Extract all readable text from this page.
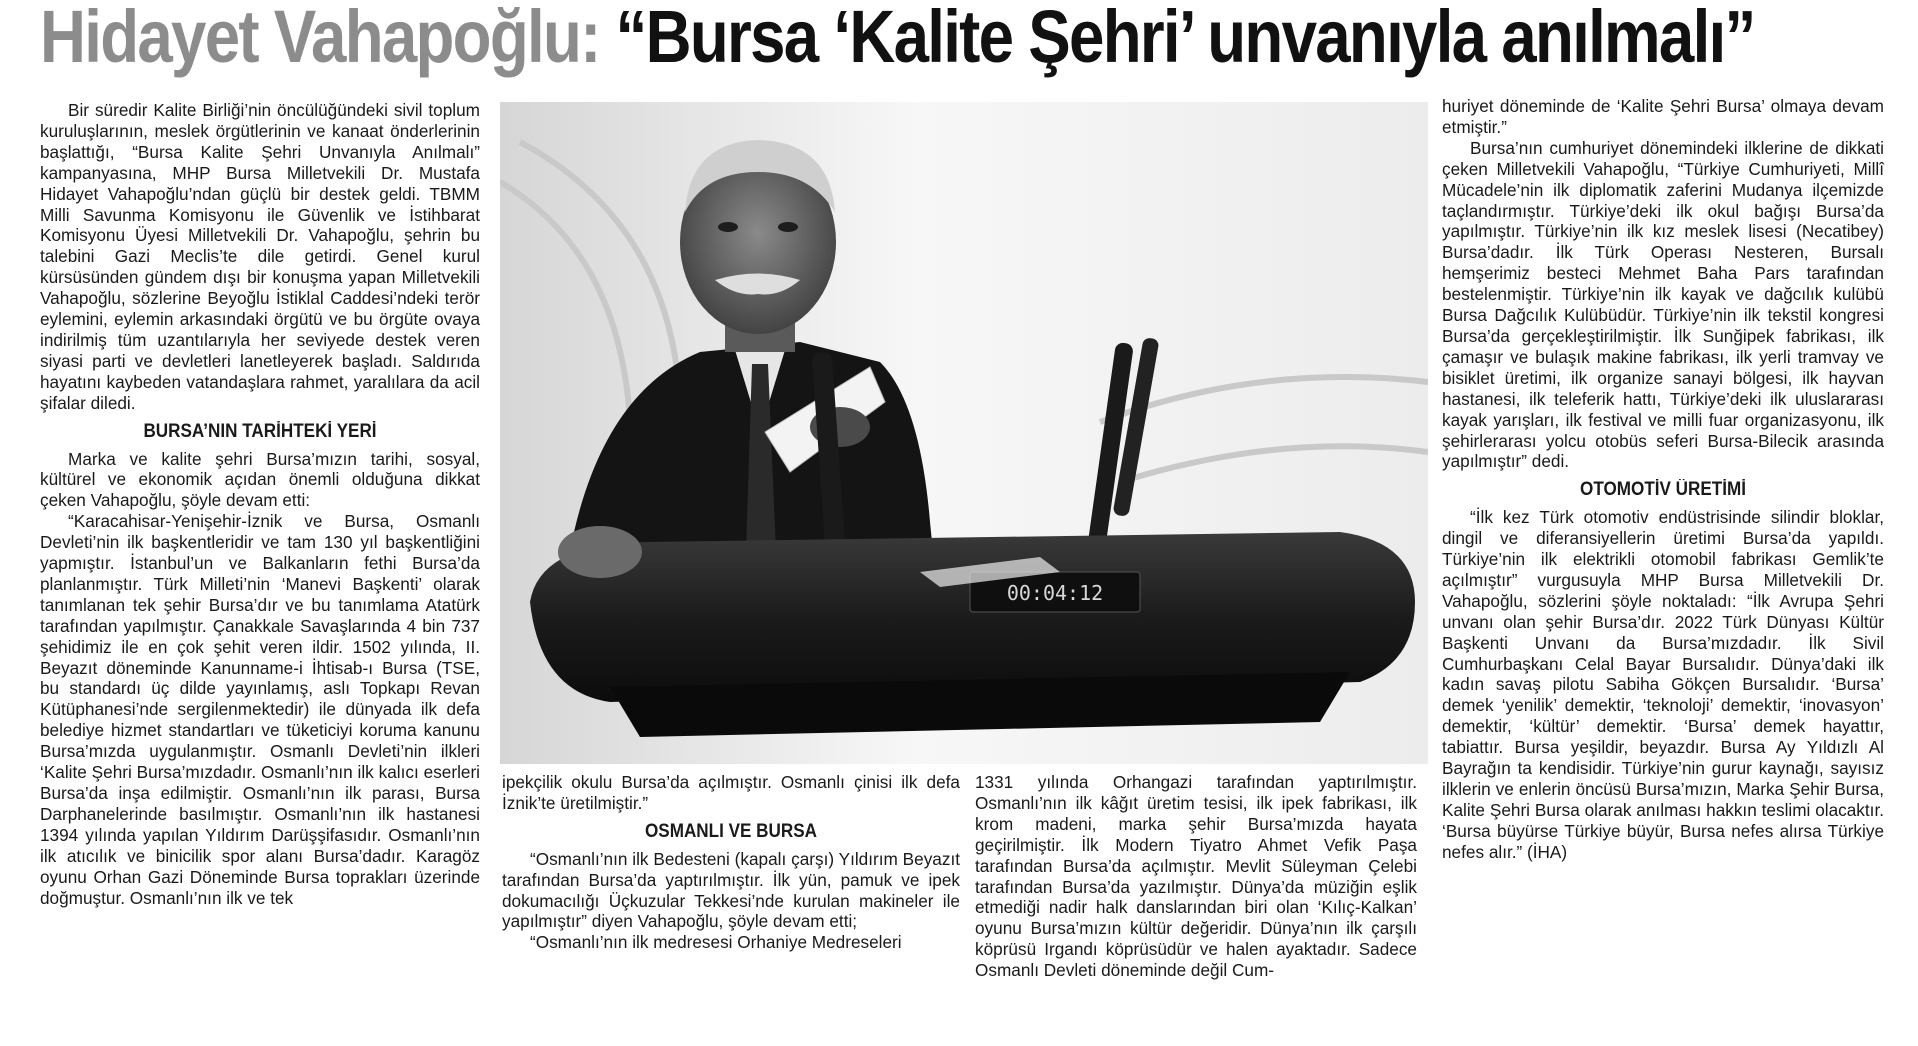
Hidayet Vahapoğlu: “Bursa ‘Kalite Şehri’ unvanıyla anılmalı”

Bir süredir Kalite Birliği’nin öncülüğündeki sivil toplum kuruluşlarının, meslek örgütlerinin ve kanaat önderlerinin başlattığı, “Bursa Kalite Şehri Unvanıyla Anılmalı” kampanyasına, MHP Bursa Milletvekili Dr. Mustafa Hidayet Vahapoğlu’ndan güçlü bir destek geldi. TBMM Milli Savunma Komisyonu ile Güvenlik ve İstihbarat Komisyonu Üyesi Milletvekili Dr. Vahapoğlu, şehrin bu talebini Gazi Meclis’te dile getirdi. Genel kurul kürsüsünden gündem dışı bir konuşma yapan Milletvekili Vahapoğlu, sözlerine Beyoğlu İstiklal Caddesi’ndeki terör eylemini, eylemin arkasındaki örgütü ve bu örgüte ovaya indirilmiş tüm uzantılarıyla her seviyede destek veren siyasi parti ve devletleri lanetleyerek başladı. Saldırıda hayatını kaybeden vatandaşlara rahmet, yaralılara da acil şifalar diledi.

BURSA’NIN TARİHTEKİ YERİ

Marka ve kalite şehri Bursa’mızın tarihi, sosyal, kültürel ve ekonomik açıdan önemli olduğuna dikkat çeken Vahapoğlu, şöyle devam etti:

“Karacahisar-Yenişehir-İznik ve Bursa, Osmanlı Devleti’nin ilk başkentleridir ve tam 130 yıl başkentliğini yapmıştır. İstanbul’un ve Balkanların fethi Bursa’da planlanmıştır. Türk Milleti’nin ‘Manevi Başkenti’ olarak tanımlanan tek şehir Bursa’dır ve bu tanımlama Atatürk tarafından yapılmıştır. Çanakkale Savaşlarında 4 bin 737 şehidimiz ile en çok şehit veren ildir. 1502 yılında, II. Beyazıt döneminde Kanunname-i İhtisab-ı Bursa (TSE, bu standardı üç dilde yayınlamış, aslı Topkapı Revan Kütüphanesi’nde sergilenmektedir) ile dünyada ilk defa belediye hizmet standartları ve tüketiciyi koruma kanunu Bursa’mızda uygulanmıştır. Osmanlı Devleti’nin ilkleri ‘Kalite Şehri Bursa’mızdadır. Osmanlı’nın ilk kalıcı eserleri Bursa’da inşa edilmiştir. Osmanlı’nın ilk parası, Bursa Darphanelerinde basılmıştır. Osmanlı’nın ilk hastanesi 1394 yılında yapılan Yıldırım Darüşşifasıdır. Osmanlı’nın ilk atıcılık ve binicilik spor alanı Bursa’dadır. Karagöz oyunu Orhan Gazi Döneminde Bursa toprakları üzerinde doğmuştur. Osmanlı’nın ilk ve tek

00:04:12

ipekçilik okulu Bursa’da açılmıştır. Osmanlı çinisi ilk defa İznik’te üretilmiştir.”

OSMANLI VE BURSA

“Osmanlı’nın ilk Bedesteni (kapalı çarşı) Yıldırım Beyazıt tarafından Bursa’da yaptırılmıştır. İlk yün, pamuk ve ipek dokumacılığı Üçkuzular Tekkesi’nde kurulan makineler ile yapılmıştır” diyen Vahapoğlu, şöyle devam etti;

“Osmanlı’nın ilk medresesi Orhaniye Medreseleri

1331 yılında Orhangazi tarafından yaptırılmıştır. Osmanlı’nın ilk kâğıt üretim tesisi, ilk ipek fabrikası, ilk krom madeni, marka şehir Bursa’mızda hayata geçirilmiştir. İlk Modern Tiyatro Ahmet Vefik Paşa tarafından Bursa’da açılmıştır. Mevlit Süleyman Çelebi tarafından Bursa’da yazılmıştır. Dünya’da müziğin eşlik etmediği nadir halk danslarından biri olan ‘Kılıç-Kalkan’ oyunu Bursa’mızın kültür değeridir. Dünya’nın ilk çarşılı köprüsü Irgandı köprüsüdür ve halen ayaktadır. Sadece Osmanlı Devleti döneminde değil Cum-

huriyet döneminde de ‘Kalite Şehri Bursa’ olmaya devam etmiştir.”

Bursa’nın cumhuriyet dönemindeki ilklerine de dikkati çeken Milletvekili Vahapoğlu, “Türkiye Cumhuriyeti, Millî Mücadele’nin ilk diplomatik zaferini Mudanya ilçemizde taçlandırmıştır. Türkiye’deki ilk okul bağışı Bursa’da yapılmıştır. Türkiye’nin ilk kız meslek lisesi (Necatibey) Bursa’dadır. İlk Türk Operası Nesteren, Bursalı hemşerimiz besteci Mehmet Baha Pars tarafından bestelenmiştir. Türkiye’nin ilk kayak ve dağcılık kulübü Bursa Dağcılık Kulübüdür. Türkiye’nin ilk tekstil kongresi Bursa’da gerçekleştirilmiştir. İlk Sunğipek fabrikası, ilk çamaşır ve bulaşık makine fabrikası, ilk yerli tramvay ve bisiklet üretimi, ilk organize sanayi bölgesi, ilk hayvan hastanesi, ilk teleferik hattı, Türkiye’deki ilk uluslararası kayak yarışları, ilk festival ve milli fuar organizasyonu, ilk şehirlerarası yolcu otobüs seferi Bursa-Bilecik arasında yapılmıştır” dedi.

OTOMOTİV ÜRETİMİ

“İlk kez Türk otomotiv endüstrisinde silindir bloklar, dingil ve diferansiyellerin üretimi Bursa’da yapıldı. Türkiye’nin ilk elektrikli otomobil fabrikası Gemlik’te açılmıştır” vurgusuyla MHP Bursa Milletvekili Dr. Vahapoğlu, sözlerini şöyle noktaladı: “İlk Avrupa Şehri unvanı olan şehir Bursa’dır. 2022 Türk Dünyası Kültür Başkenti Unvanı da Bursa’mızdadır. İlk Sivil Cumhurbaşkanı Celal Bayar Bursalıdır. Dünya’daki ilk kadın savaş pilotu Sabiha Gökçen Bursalıdır. ‘Bursa’ demek ‘yenilik’ demektir, ‘teknoloji’ demektir, ‘inovasyon’ demektir, ‘kültür’ demektir. ‘Bursa’ demek hayattır, tabiattır. Bursa yeşildir, beyazdır. Bursa Ay Yıldızlı Al Bayrağın ta kendisidir. Türkiye’nin gurur kaynağı, sayısız ilklerin ve enlerin öncüsü Bursa’mızın, Marka Şehir Bursa, Kalite Şehri Bursa olarak anılması hakkın teslimi olacaktır. ‘Bursa büyürse Türkiye büyür, Bursa nefes alırsa Türkiye nefes alır.” (İHA)
